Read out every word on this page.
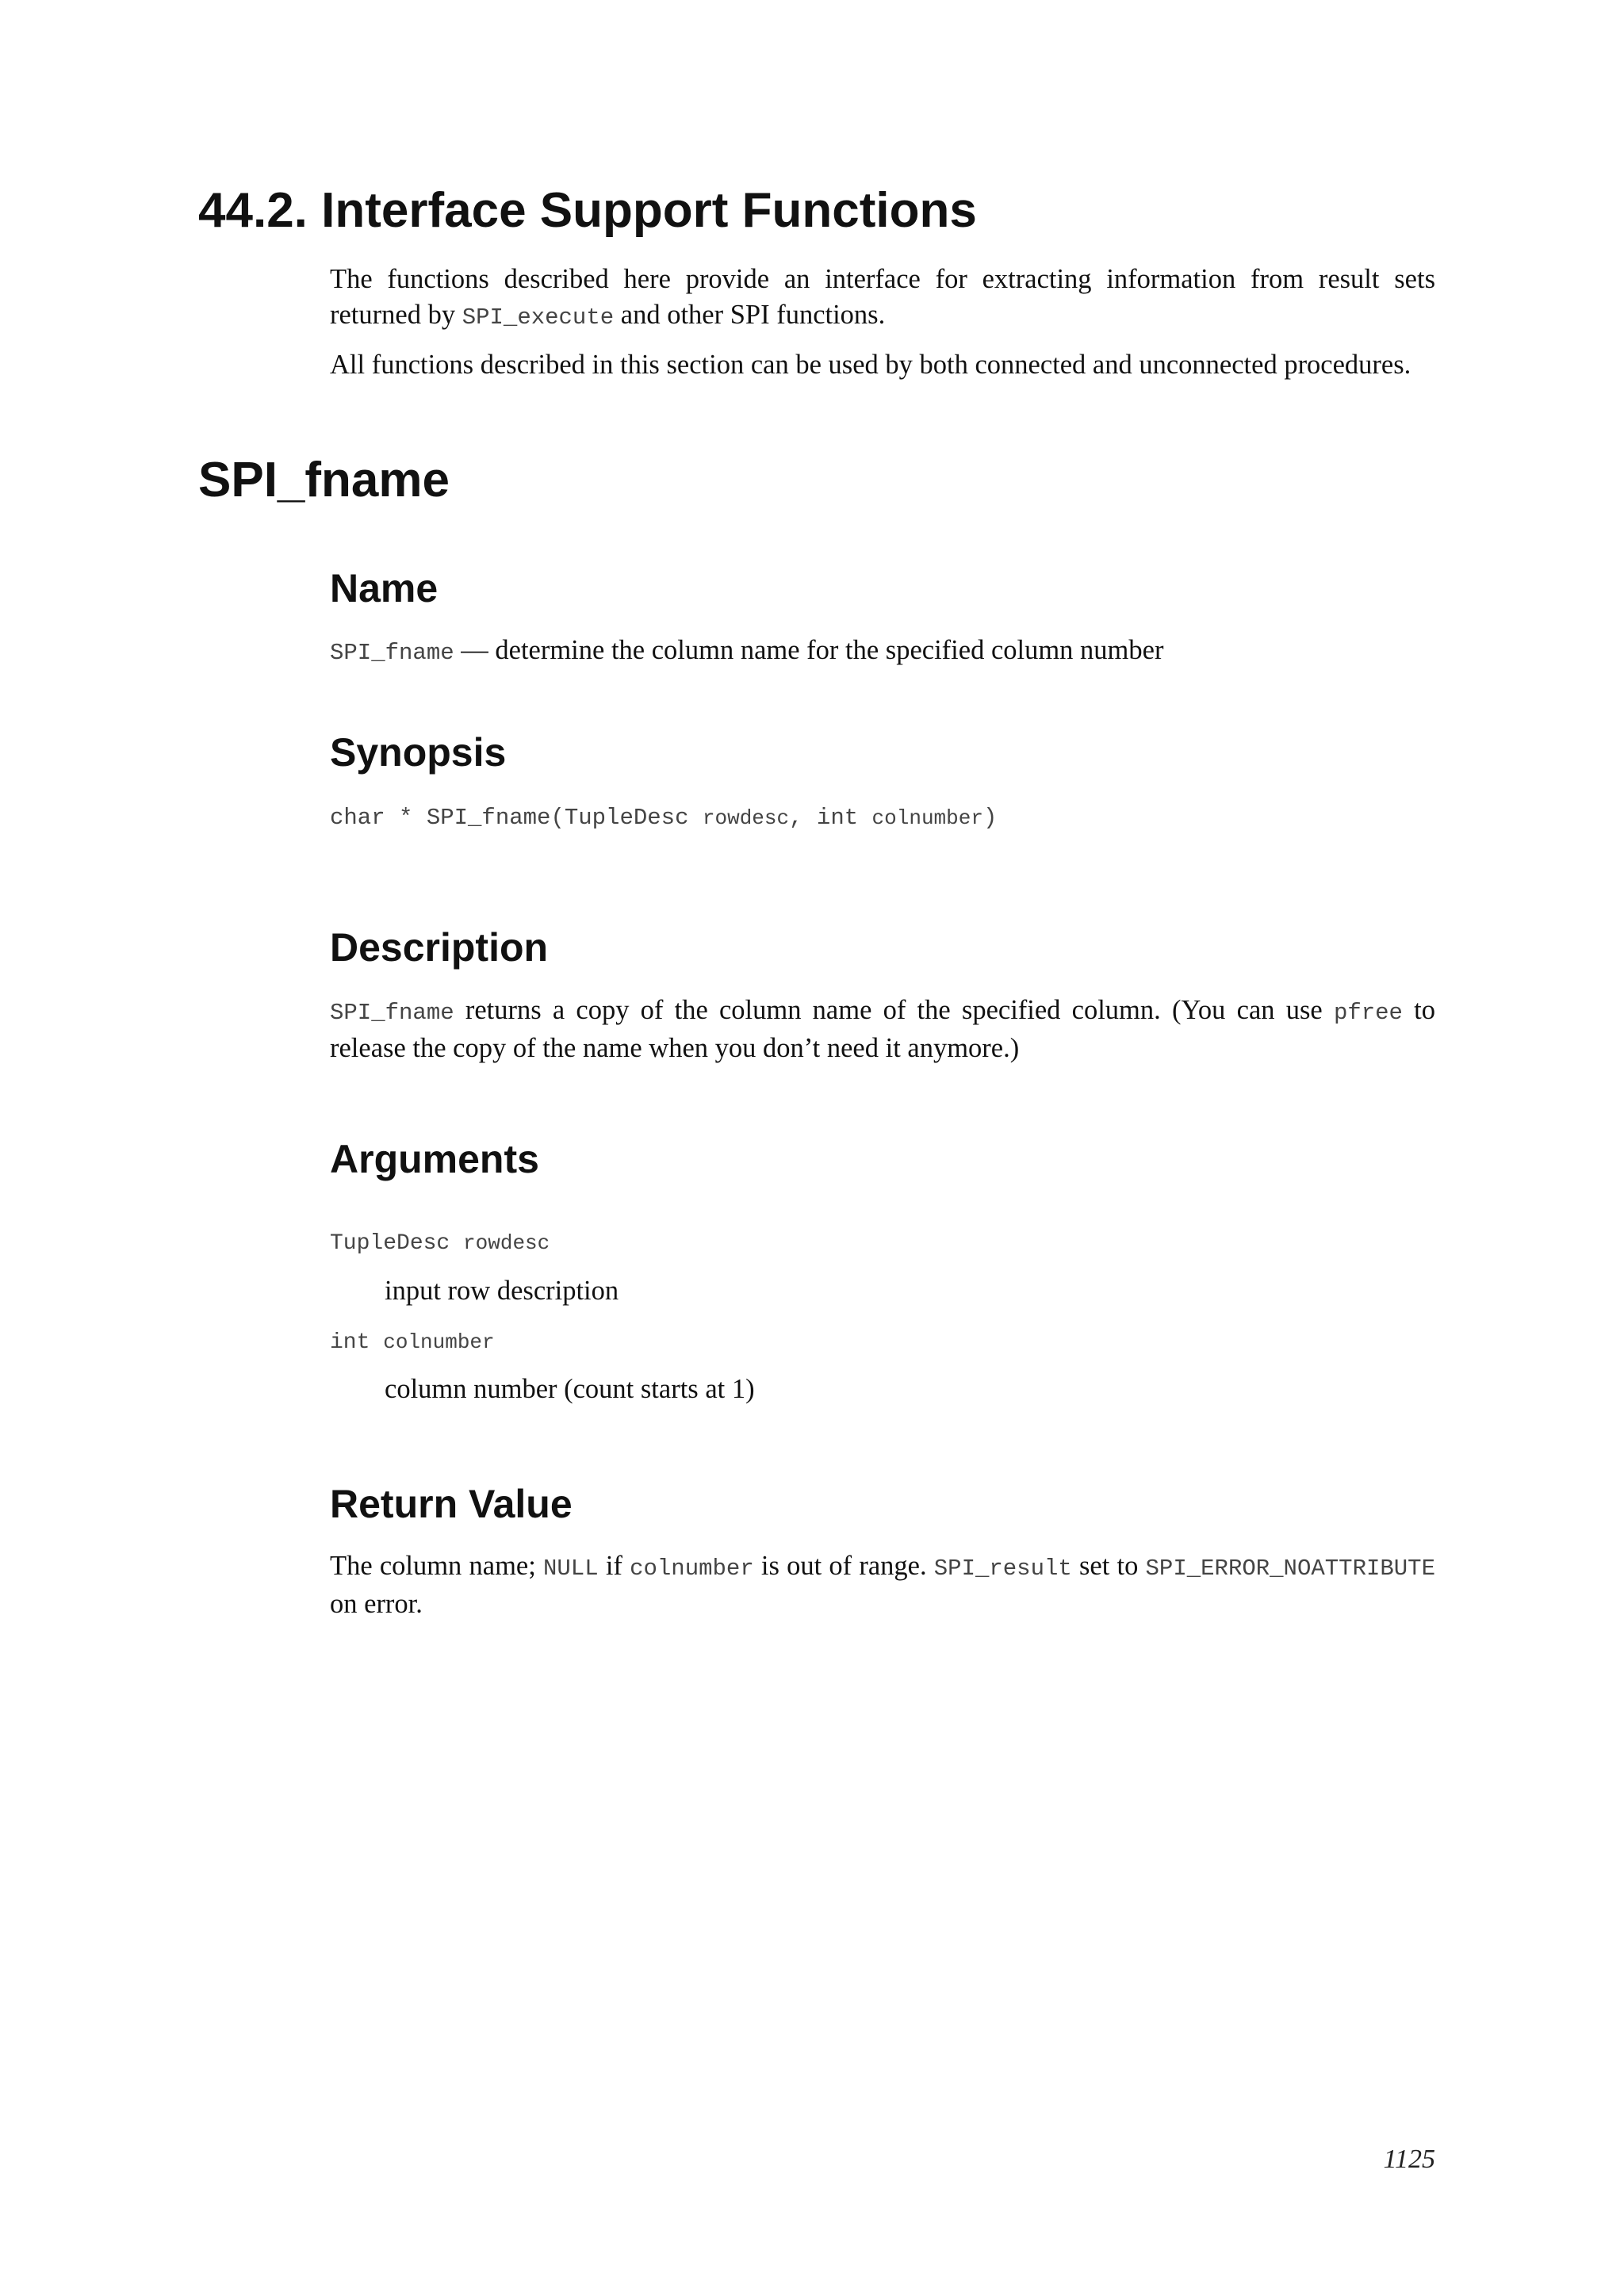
44.2. Interface Support Functions

The functions described here provide an interface for extracting information from result sets returned by SPI_execute and other SPI functions.

All functions described in this section can be used by both connected and unconnected procedures.

SPI_fname
Name

SPI_fname — determine the column name for the specified column number

Synopsis
char * SPI_fname(TupleDesc rowdesc, int colnumber)
Description

SPI_fname returns a copy of the column name of the specified column. (You can use pfree to release the copy of the name when you don’t need it anymore.)

Arguments
TupleDesc rowdesc
input row description
int colnumber
column number (count starts at 1)
Return Value

The column name; NULL if colnumber is out of range. SPI_result set to SPI_ERROR_NOATTRIBUTE on error.

1125
